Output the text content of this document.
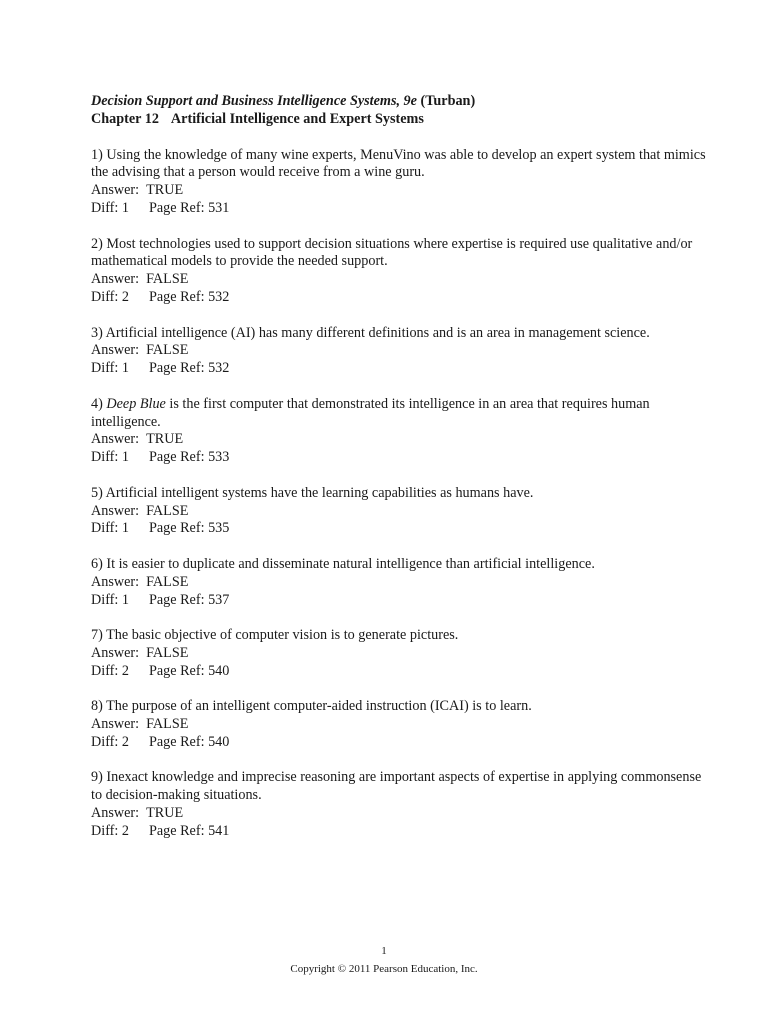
Decision Support and Business Intelligence Systems, 9e (Turban)
Chapter 12 Artificial Intelligence and Expert Systems
1) Using the knowledge of many wine experts, MenuVino was able to develop an expert system that mimics the advising that a person would receive from a wine guru.
Answer: TRUE
Diff: 1 Page Ref: 531
2) Most technologies used to support decision situations where expertise is required use qualitative and/or mathematical models to provide the needed support.
Answer: FALSE
Diff: 2 Page Ref: 532
3) Artificial intelligence (AI) has many different definitions and is an area in management science.
Answer: FALSE
Diff: 1 Page Ref: 532
4) Deep Blue is the first computer that demonstrated its intelligence in an area that requires human intelligence.
Answer: TRUE
Diff: 1 Page Ref: 533
5) Artificial intelligent systems have the learning capabilities as humans have.
Answer: FALSE
Diff: 1 Page Ref: 535
6) It is easier to duplicate and disseminate natural intelligence than artificial intelligence.
Answer: FALSE
Diff: 1 Page Ref: 537
7) The basic objective of computer vision is to generate pictures.
Answer: FALSE
Diff: 2 Page Ref: 540
8) The purpose of an intelligent computer-aided instruction (ICAI) is to learn.
Answer: FALSE
Diff: 2 Page Ref: 540
9) Inexact knowledge and imprecise reasoning are important aspects of expertise in applying commonsense to decision-making situations.
Answer: TRUE
Diff: 2 Page Ref: 541
1
Copyright © 2011 Pearson Education, Inc.
